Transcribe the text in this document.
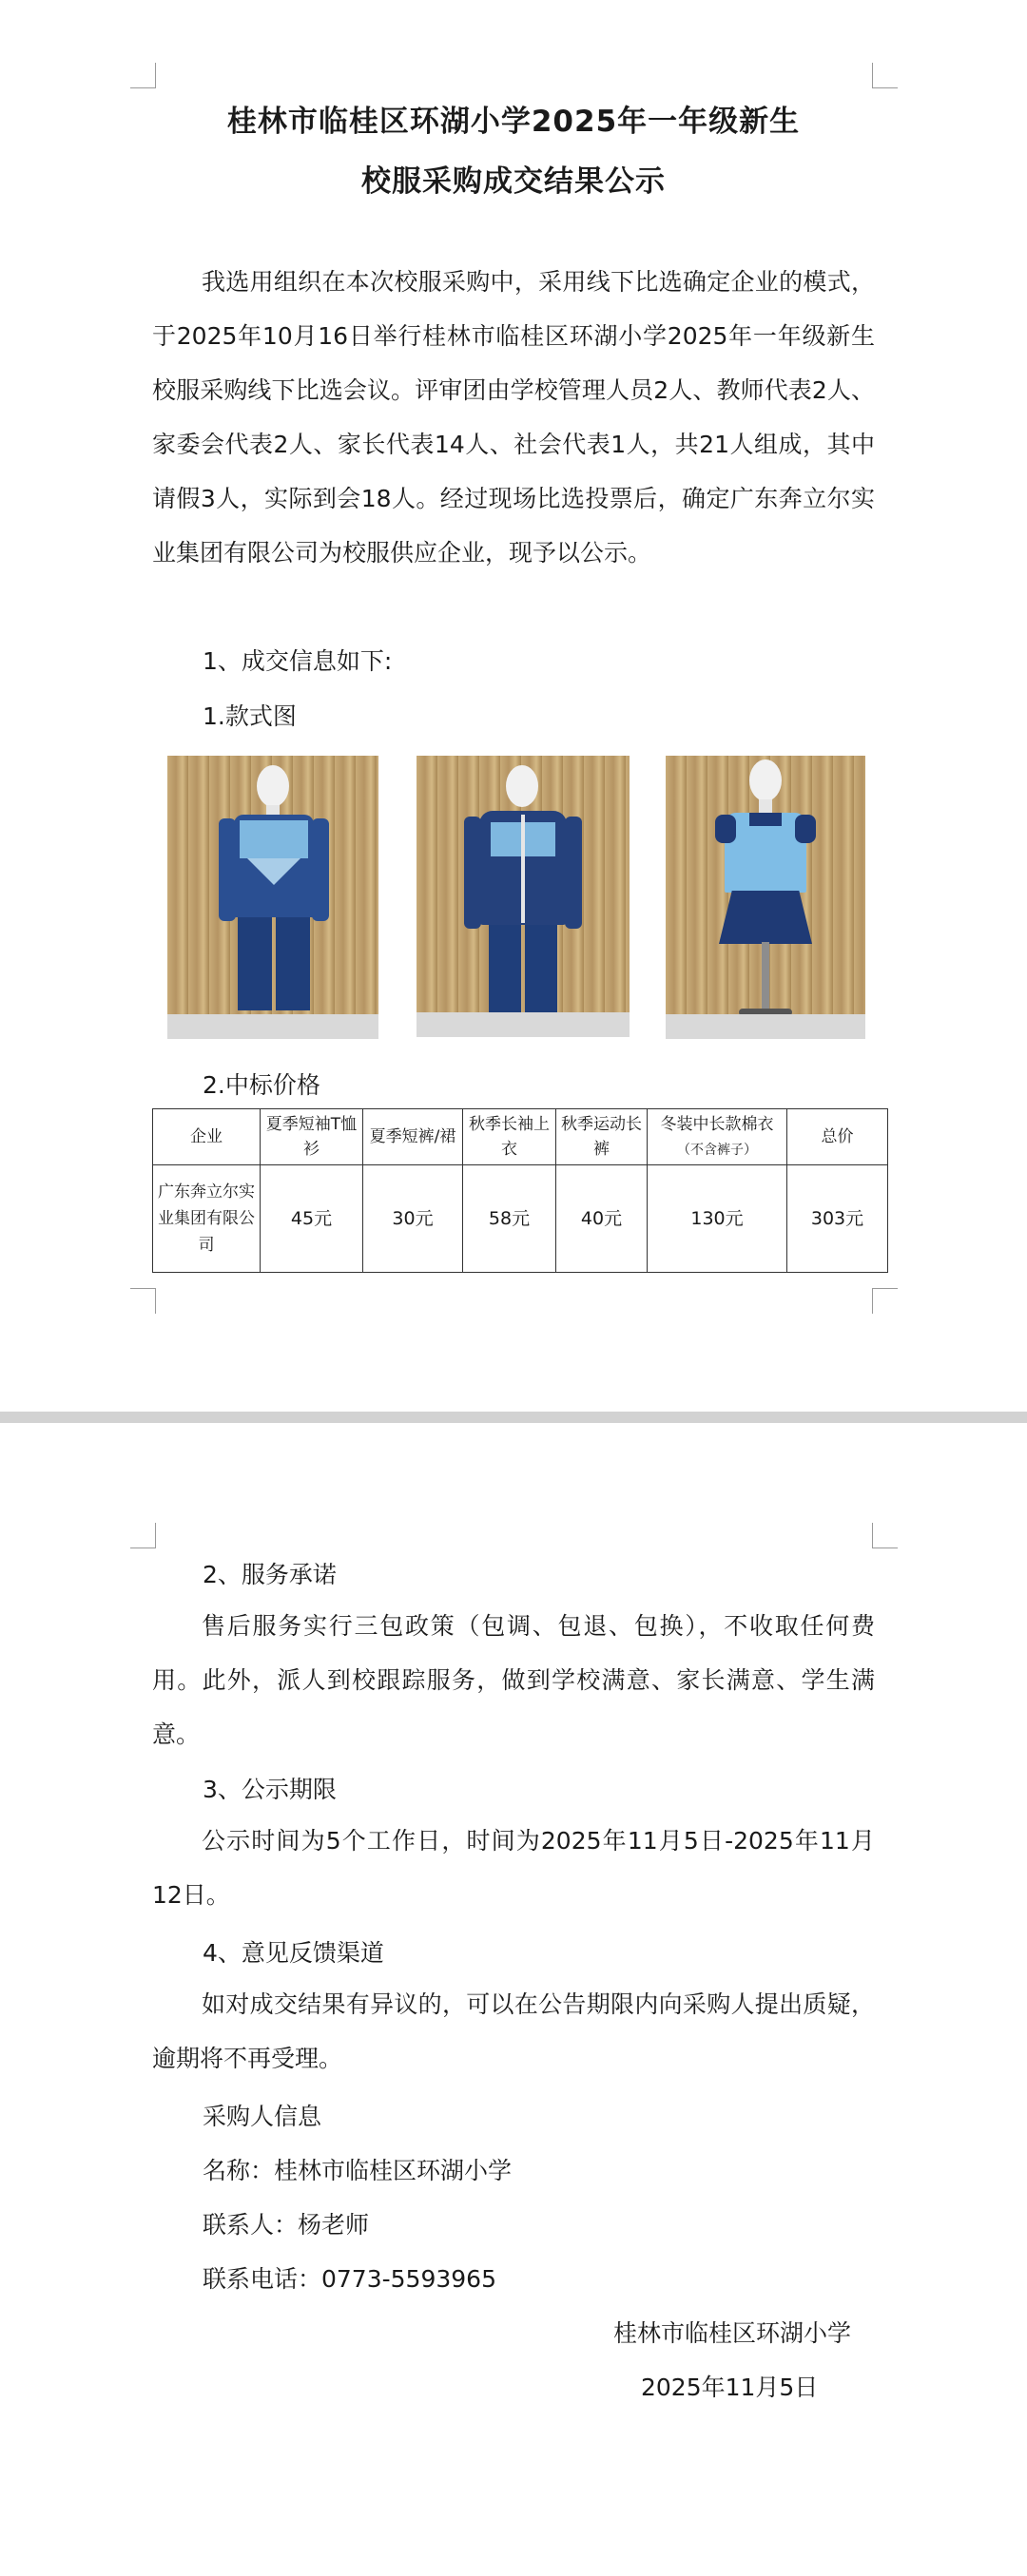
桂林市临桂区环湖小学2025年一年级新生
校服采购成交结果公示
我选用组织在本次校服采购中，采用线下比选确定企业的模式，于2025年10月16日举行桂林市临桂区环湖小学2025年一年级新生校服采购线下比选会议。评审团由学校管理人员2人、教师代表2人、家委会代表2人、家长代表14人、社会代表1人，共21人组成，其中请假3人，实际到会18人。经过现场比选投票后，确定广东奔立尔实业集团有限公司为校服供应企业，现予以公示。
1、成交信息如下:
1.款式图
2.中标价格
企业	夏季短袖T恤衫	夏季短裤/裙	秋季长袖上衣	秋季运动长裤	冬装中长款棉衣（不含裤子）	总价
广东奔立尔实业集团有限公司	45元	30元	58元	40元	130元	303元
2、服务承诺
售后服务实行三包政策（包调、包退、包换），不收取任何费用。此外，派人到校跟踪服务，做到学校满意、家长满意、学生满意。
3、公示期限
公示时间为5个工作日，时间为2025年11月5日-2025年11月12日。
4、意见反馈渠道
如对成交结果有异议的，可以在公告期限内向采购人提出质疑，逾期将不再受理。
采购人信息
名称：桂林市临桂区环湖小学
联系人：杨老师
联系电话：0773-5593965
桂林市临桂区环湖小学
2025年11月5日
